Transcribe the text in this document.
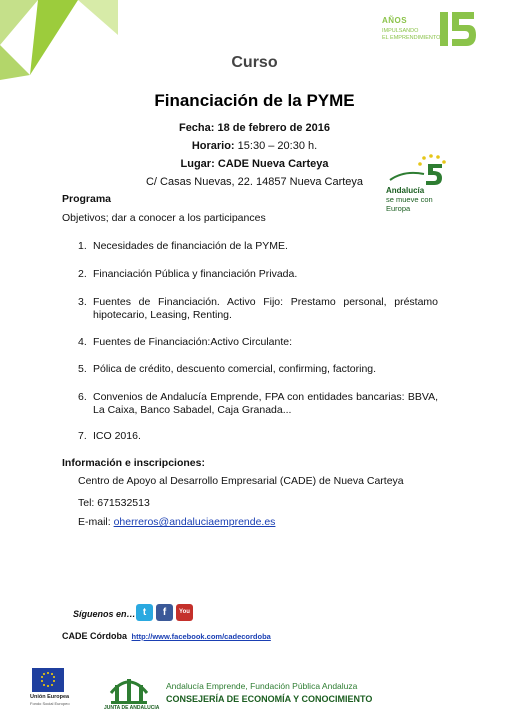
AÑOS
IMPULSANDO
EL EMPRENDIMIENTO
Curso
Financiación de la PYME
Fecha: 18 de febrero de 2016
Horario: 15:30 – 20:30 h.
Lugar: CADE Nueva Carteya
C/ Casas Nuevas, 22. 14857 Nueva Carteya
Andalucía
se mueve con Europa
Programa
Objetivos; dar a conocer a los participances
1. Necesidades de financiación de la PYME.
2. Financiación Pública y financiación Privada.
3. Fuentes de Financiación. Activo Fijo: Prestamo personal, préstamo hipotecario, Leasing, Renting.
4. Fuentes de Financiación:Activo Circulante:
5. Pólica de crédito, descuento comercial, confirming, factoring.
6. Convenios de Andalucía Emprende, FPA con entidades bancarias: BBVA, La Caixa, Banco Sabadel, Caja Granada...
7. ICO 2016.
Información e inscripciones:
Centro de Apoyo al Desarrollo Empresarial (CADE) de Nueva Carteya
Tel: 671532513
E-mail: oherreros@andaluciaemprende.es
Síguenos en… t	f	You
CADE Córdoba http://www.facebook.com/cadecordoba
Unión Europea
Fondo Social Europeo
JUNTA DE ANDALUCIA
Andalucía Emprende, Fundación Pública Andaluza
CONSEJERÍA DE ECONOMÍA Y CONOCIMIENTO
